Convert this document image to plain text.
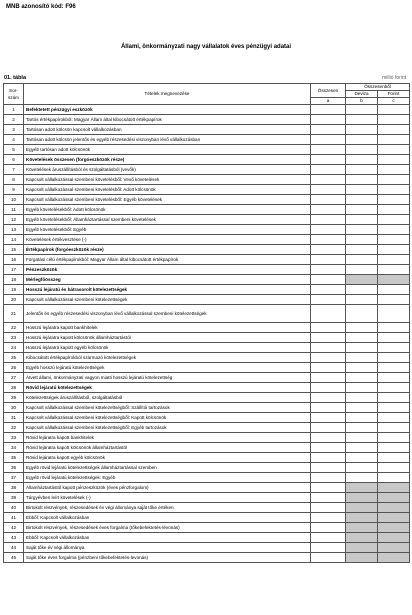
MNB azonosító kód: F96
Állami, önkormányzati nagy vállalatok éves pénzügyi adatai
01. tábla	millió forint
Sor-szám	Tételek megnevezése	Összesen	Összesenből	
			Deviza	Forint
		a	b	c
1	Befektetett pénzügyi eszközök			
2	Tartós értékpapírokból: Magyar Állam által kibocsátott értékpapírok			
3	Tartósan adott kölcsön kapcsolt vállalkozásban			
4	Tartósan adott kölcsön jelentős és egyéb részesedési viszonyban lévő vállalkozásban			
5	Egyéb tartósan adott kölcsönök			
6	Követelések összesen (forgóeszközök része)			
7	Követelések áruszállításból és szolgáltatásból (vevők)			
8	Kapcsolt vállalkozással szembeni követelésből: Vevő követelések			
9	Kapcsolt vállalkozással szembeni követelésből: Adott kölcsönök			
10	Kapcsolt vállalkozással szembeni követelésből: Egyéb követelések			
11	Egyéb követelésekből: Adott kölcsönök			
12	Egyéb követelésekből: Államháztartással szembeni követelések			
13	Egyéb követelésekből: Egyéb			
14	Követelések értékvesztése (-)			
15	Értékpapírok (forgóeszközök része)			
16	Forgatási célú értékpapírokból: Magyar Állam által kibocsátott értékpapírok			
17	Pénzeszközök			
18	Mérlegfőösszeg			
19	Hosszú lejáratú és hátrasorolt kötelezettségek			
20	Kapcsolt vállalkozással szembeni kötelezettségek			
21	Jelentős és egyéb részesedési viszonyban lévő vállalkozással szembeni kötelezettségek			
22	Hosszú lejáratra kapott bankhitelek			
23	Hosszú lejáratra kapott kölcsönök államháztartástól			
24	Hosszú lejáratra kapott egyéb kölcsönök			
25	Kibocsátott értékpapírokból származó kötelezettségek			
26	Egyéb hosszú lejáratú kötelezettségek			
27	Átvett állami, önkormányzati vagyon miatti hosszú lejáratú kötelezettség			
28	Rövid lejáratú kötelezettségek			
29	Kötelezettségek áruszállításból, szolgáltatásból			
30	Kapcsolt vállalkozással szembeni kötelezettségből: Szállítói tartozások			
31	Kapcsolt vállalkozással szembeni kötelezettségből: Kapott kölcsönök			
32	Kapcsolt vállalkozással szembeni kötelezettségből: Egyéb tartozások			
33	Rövid lejáratra kapott bankhitelek			
34	Rövid lejáratra kapott kölcsönök államháztartástól			
35	Rövid lejáratra kapott egyéb kölcsönök			
36	Egyéb rövid lejáratú kötelezettségek államháztartással szemben			
37	Egyéb rövid lejáratú kötelezettségek: Egyéb			
38	Államháztartástól kapott pénzeszközök (éves pénzforgalom)			
39	Tárgyévben leírt követelések (-)			
40	Birtokolt részvények, részesedések év végi állománya saját tőke értéken			
41	Ebből: Kapcsolt vállalkozásban			
42	Birtokolt részvények, részesedések éves forgalma (tőkebefektetés-lévonás)			
43	Ebből: Kapcsolt vállalkozásban			
44	Saját tőke év végi állománya			
45	Saját tőke éves forgalma (pénzbeni tőkebefektetés-levonás)			
